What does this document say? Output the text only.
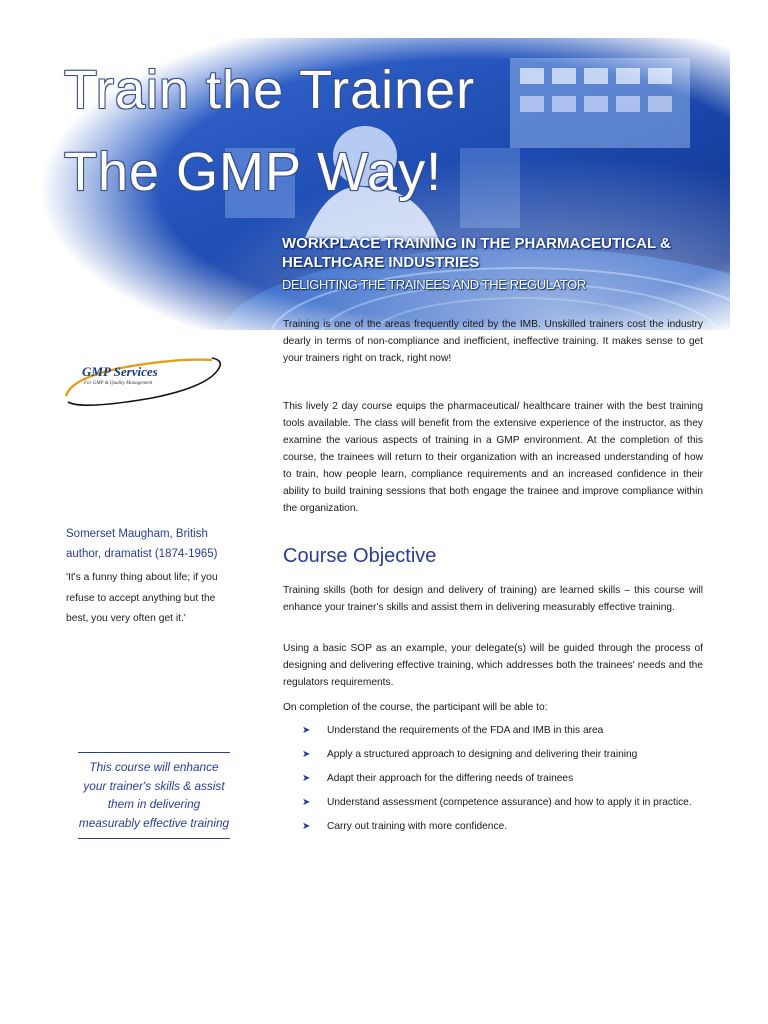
Train the Trainer
The GMP Way!
WORKPLACE TRAINING IN THE PHARMACEUTICAL & HEALTHCARE INDUSTRIES

DELIGHTING THE TRAINEES AND THE REGULATOR

GMP Services
For GMP & Quality Management

Somerset Maugham, British author, dramatist (1874-1965)

'It's a funny thing about life; if you refuse to accept anything but the best, you very often get it.'

This course will enhance your trainer's skills & assist them in delivering measurably effective training

Training is one of the areas frequently cited by the IMB. Unskilled trainers cost the industry dearly in terms of non-compliance and inefficient, ineffective training. It makes sense to get your trainers right on track, right now!

This lively 2 day course equips the pharmaceutical/ healthcare trainer with the best training tools available. The class will benefit from the extensive experience of the instructor, as they examine the various aspects of training in a GMP environment. At the completion of this course, the trainees will return to their organization with an increased understanding of how to train, how people learn, compliance requirements and an increased confidence in their ability to build training sessions that both engage the trainee and improve compliance within the organization.

Course Objective

Training skills (both for design and delivery of training) are learned skills – this course will enhance your trainer's skills and assist them in delivering measurably effective training.

Using a basic SOP as an example, your delegate(s) will be guided through the process of designing and delivering effective training, which addresses both the trainees' needs and the regulators requirements.

On completion of the course, the participant will be able to:

➤ Understand the requirements of the FDA and IMB in this area
➤ Apply a structured approach to designing and delivering their training
➤ Adapt their approach for the differing needs of trainees
➤ Understand assessment (competence assurance) and how to apply it in practice.
➤ Carry out training with more confidence.
